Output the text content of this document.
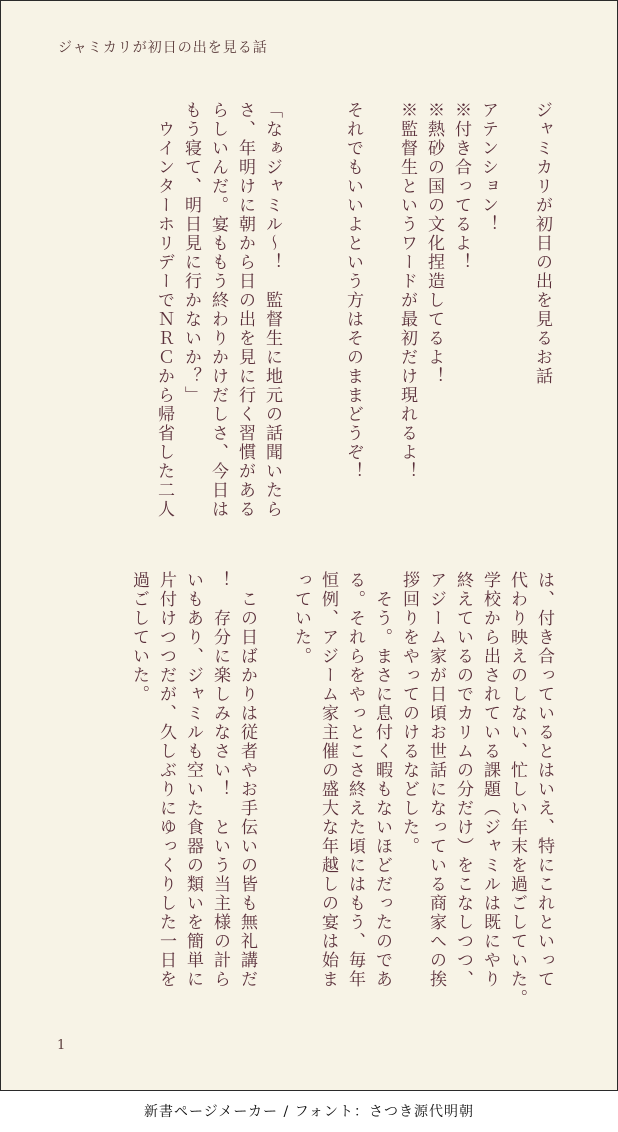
ジャミカリが初日の出を見る話
ジャミカリが初日の出を見るお話

アテンション！
※付き合ってるよ！
※熱砂の国の文化捏造してるよ！
※監督生というワードが最初だけ現れるよ！

それでもいいよという方はそのままどうぞ！

「なぁジャミル〜！　監督生に地元の話聞いたら
さ、年明けに朝から日の出を見に行く習慣がある
らしいんだ。宴ももう終わりかけだしさ、今日は
もう寝て、明日見に行かないか？」
　ウインターホリデーでＮＲＣから帰省した二人
は、付き合っているとはいえ、特にこれといって
代わり映えのしない、忙しい年末を過ごしていた。
学校から出されている課題（ジャミルは既にやり
終えているのでカリムの分だけ）をこなしつつ、
アジーム家が日頃お世話になっている商家への挨
拶回りをやってのけるなどした。
　そう。まさに息付く暇もないほどだったのであ
る。それらをやっとこさ終えた頃にはもう、毎年
恒例、アジーム家主催の盛大な年越しの宴は始ま
っていた。

　この日ばかりは従者やお手伝いの皆も無礼講だ
！　存分に楽しみなさい！　という当主様の計ら
いもあり、ジャミルも空いた食器の類いを簡単に
片付けつつだが、久しぶりにゆっくりした一日を
過ごしていた。
1
新書ページメーカー / フォント：さつき源代明朝
